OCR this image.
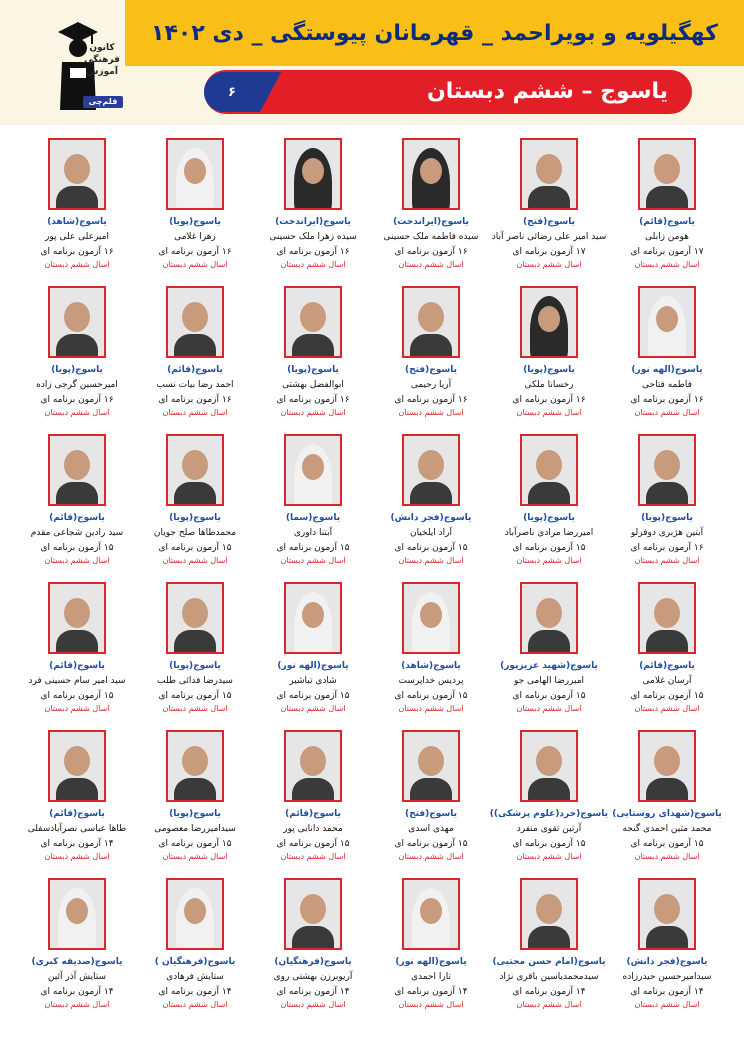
کهگیلویه و بویراحمد _ قهرمانان پیوستگی _ دی ۱۴۰۲
یاسوج – ششم دبستان
۶
کانون
فرهنگی
آموزش
قلم‌چی
یاسوج(قائم)
هومن زابلی
۱۷ آزمون برنامه ای
اسال ششم دبستان
یاسوج(فتح)
سید امیر علی رضائی ناصر آباد
۱۷ آزمون برنامه ای
اسال ششم دبستان
یاسوج(ایراندخت)
سیده فاطمه ملک حسینی
۱۶ آزمون برنامه ای
اسال ششم دبستان
یاسوج(ایراندخت)
سیده زهرا ملک حسینی
۱۶ آزمون برنامه ای
اسال ششم دبستان
یاسوج(پویا)
زهرا غلامی
۱۶ آزمون برنامه ای
اسال ششم دبستان
یاسوج(شاهد)
امیرعلی علی پور
۱۶ آزمون برنامه ای
اسال ششم دبستان
یاسوج(الهه نور)
فاطمه فتاحی
۱۶ آزمون برنامه ای
اسال ششم دبستان
یاسوج(پویا)
رخسانا ملکی
۱۶ آزمون برنامه ای
اسال ششم دبستان
یاسوج(فتح)
آریا رحیمی
۱۶ آزمون برنامه ای
اسال ششم دبستان
یاسوج(پویا)
ابوالفضل بهشتی
۱۶ آزمون برنامه ای
اسال ششم دبستان
یاسوج(قائم)
احمد رضا بیات نسب
۱۶ آزمون برنامه ای
اسال ششم دبستان
یاسوج(پویا)
امیرحسین گرجی زاده
۱۶ آزمون برنامه ای
اسال ششم دبستان
یاسوج(پویا)
آبتین هژبری دوقزلو
۱۶ آزمون برنامه ای
اسال ششم دبستان
یاسوج(پویا)
امیررضا مرادی ناصرآباد
۱۵ آزمون برنامه ای
اسال ششم دبستان
یاسوج(فجر دانش)
آراد ایلخیان
۱۵ آزمون برنامه ای
اسال ششم دبستان
یاسوج(سما)
آبتنا داوری
۱۵ آزمون برنامه ای
اسال ششم دبستان
یاسوج(پویا)
محمدطاها صلح جویان
۱۵ آزمون برنامه ای
اسال ششم دبستان
یاسوج(قائم)
سید رادین شجاعی مقدم
۱۵ آزمون برنامه ای
اسال ششم دبستان
یاسوج(قائم)
آرسان غلامی
۱۵ آزمون برنامه ای
اسال ششم دبستان
یاسوج(شهید عزیزپور)
امیررضا الهامی جو
۱۵ آزمون برنامه ای
اسال ششم دبستان
یاسوج(شاهد)
پردیس خداپرست
۱۵ آزمون برنامه ای
اسال ششم دبستان
یاسوج(الهه نور)
شادی تباشیر
۱۵ آزمون برنامه ای
اسال ششم دبستان
یاسوج(پویا)
سیدرضا فدائی طلب
۱۵ آزمون برنامه ای
اسال ششم دبستان
یاسوج(قائم)
سید امیر سام حسینی فرد
۱۵ آزمون برنامه ای
اسال ششم دبستان
یاسوج(شهدای روستایی)
محمد متین احمدی گنجه
۱۵ آزمون برنامه ای
اسال ششم دبستان
یاسوج(خرد(علوم پزشکی))
آرتین تقوی منفرد
۱۵ آزمون برنامه ای
اسال ششم دبستان
یاسوج(فتح)
مهدی اسدی
۱۵ آزمون برنامه ای
اسال ششم دبستان
یاسوج(قائم)
محمد دانایی پور
۱۵ آزمون برنامه ای
اسال ششم دبستان
یاسوج(پویا)
سیدامیررضا معصومی
۱۵ آزمون برنامه ای
اسال ششم دبستان
یاسوج(قائم)
طاها عباسی نصرآبادسفلی
۱۴ آزمون برنامه ای
اسال ششم دبستان
یاسوج(فجر دانش)
سیدامیرحسین حیدرزاده
۱۴ آزمون برنامه ای
اسال ششم دبستان
یاسوج(امام حسن مجتبی)
سیدمحمدیاسین باقری نژاد
۱۴ آزمون برنامه ای
اسال ششم دبستان
یاسوج(الهه نور)
تارا احمدی
۱۴ آزمون برنامه ای
اسال ششم دبستان
یاسوج(فرهنگیان)
آریوبرزن بهشتی روی
۱۴ آزمون برنامه ای
اسال ششم دبستان
یاسوج(فرهنگیان )
ستایش فرهادی
۱۴ آزمون برنامه ای
اسال ششم دبستان
یاسوج(صدیقه کبری)
ستایش آذر آئین
۱۴ آزمون برنامه ای
اسال ششم دبستان
